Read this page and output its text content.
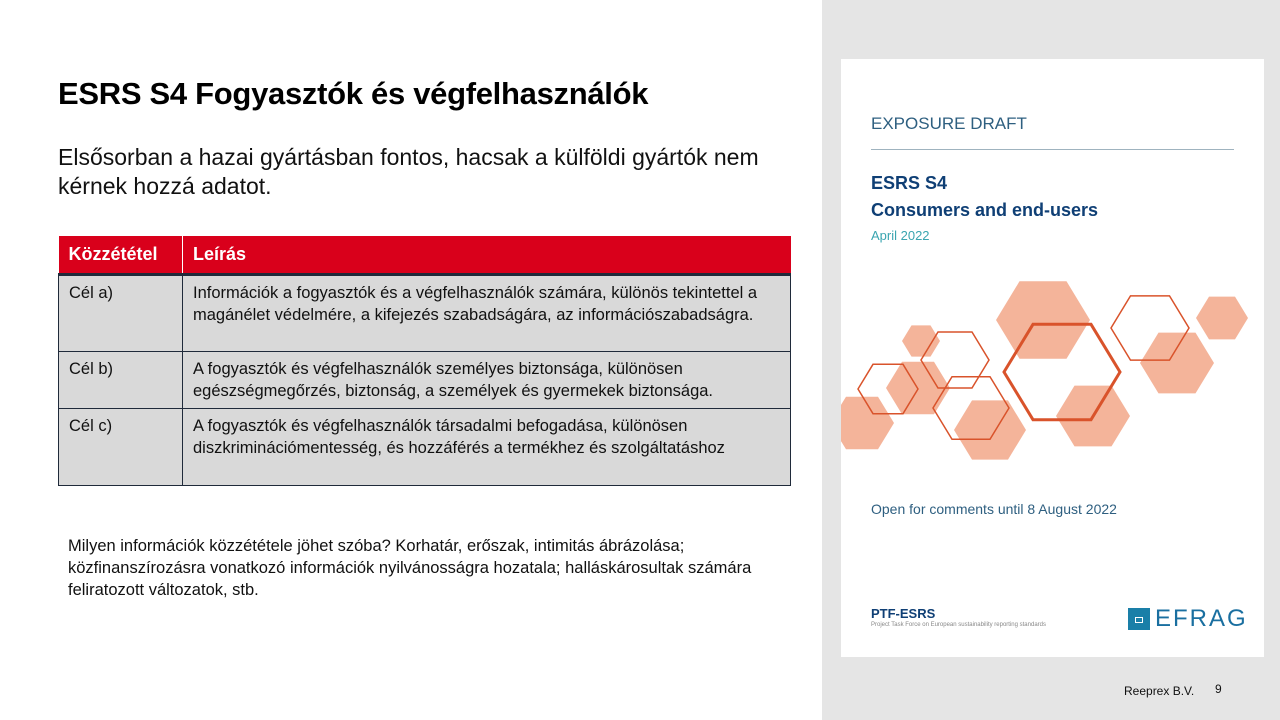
ESRS S4 Fogyasztók és végfelhasználók
Elsősorban a hazai gyártásban fontos, hacsak a külföldi gyártók nem kérnek hozzá adatot.
Közzététel	Leírás
Cél a)	Információk a fogyasztók és a végfelhasználók számára, különös tekintettel a magánélet védelmére, a kifejezés szabadságára, az információszabadságra.
Cél b)	A fogyasztók és végfelhasználók személyes biztonsága, különösen egészségmegőrzés, biztonság, a személyek és gyermekek biztonsága.
Cél c)	A fogyasztók és végfelhasználók társadalmi befogadása, különösen diszkriminációmentesség, és hozzáférés a termékhez és szolgáltatáshoz
Milyen információk közzététele jöhet szóba? Korhatár, erőszak, intimitás ábrázolása; közfinanszírozásra vonatkozó információk nyilvánosságra hozatala; halláskárosultak számára feliratozott változatok, stb.
EXPOSURE DRAFT
ESRS S4
Consumers and end-users
April 2022
Open for comments until 8 August 2022
PTF-ESRS
Project Task Force on European sustainability reporting standards	EFRAG
Reeprex B.V. 9
